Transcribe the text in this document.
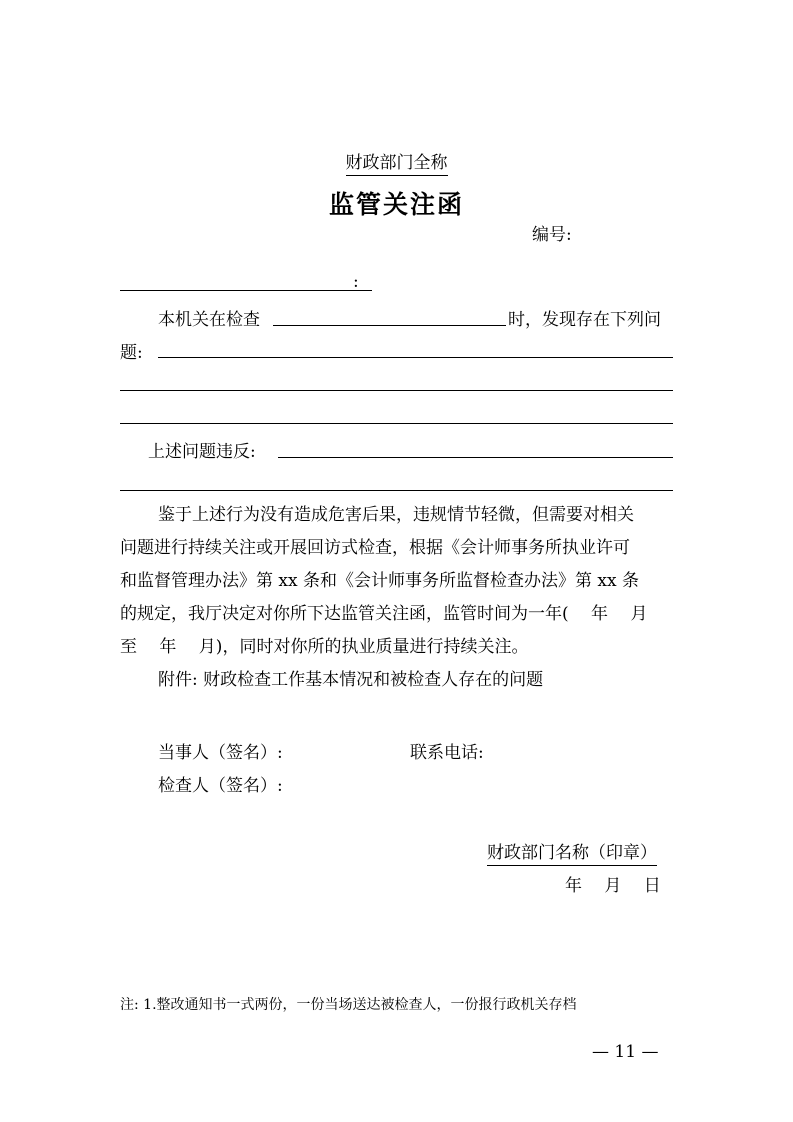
财政部门全称
监管关注函
编号:
:
本机关在检查	时，发现存在下列问
题:
上述问题违反:
鉴于上述行为没有造成危害后果，违规情节轻微，但需要对相关
问题进行持续关注或开展回访式检查，根据《会计师事务所执业许可
和监督管理办法》第 xx 条和《会计师事务所监督检查办法》第 xx 条
的规定，我厅决定对你所下达监管关注函，监管时间为一年(　 年 　月
至　 年 　月)，同时对你所的执业质量进行持续关注。
附件: 财政检查工作基本情况和被检查人存在的问题
当事人（签名）:	联系电话:
检查人（签名）:
财政部门名称（印章）
年 　月 　日
注: 1.整改通知书一式两份，一份当场送达被检查人，一份报行政机关存档
— 11 —
